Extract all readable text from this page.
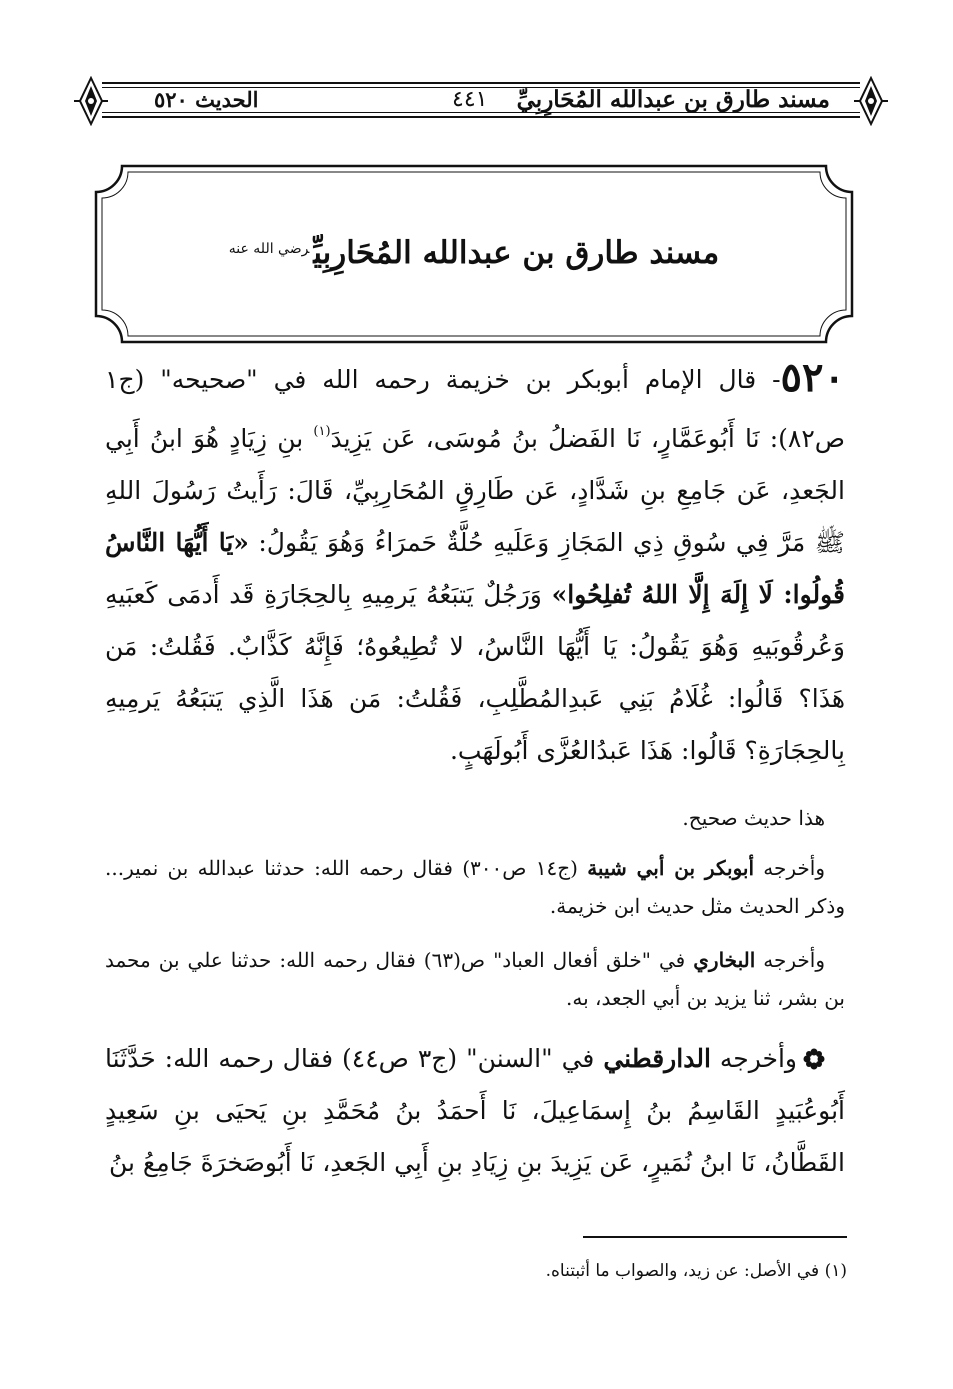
مسند طارق بن عبدالله المُحَارِبِيِّ
٤٤١
الحديث ٥٢٠
مسند طارق بن عبدالله المُحَارِبِيِّ$^{رضي الله عنه}$

٥٢٠- قال الإمام أبوبكر بن خزيمة رحمه الله في "صحيحه" (ج١ ص٨٢): نَا أَبُوعَمَّارٍ، نَا الفَضلُ بنُ مُوسَى، عَن يَزِيدَ$^{(١)}$ بنِ زِيَادٍ هُوَ ابنُ أَبِي الجَعدِ، عَن جَامِعِ بنِ شَدَّادٍ، عَن طَارِقٍ المُحَارِبِيِّ، قَالَ: رَأَيتُ رَسُولَ اللهِ ﷺ مَرَّ فِي سُوقِ ذِي المَجَازِ وَعَلَيهِ حُلَّةٌ حَمرَاءُ وَهُوَ يَقُولُ: «يَا أَيُّهَا النَّاسُ قُولُوا: لَا إِلَهَ إِلَّا اللهُ تُفلِحُوا» وَرَجُلٌ يَتبَعُهُ يَرمِيهِ بِالحِجَارَةِ قَد أَدمَى كَعبَيهِ وَعُرقُوبَيهِ وَهُوَ يَقُولُ: يَا أَيُّهَا النَّاسُ، لا تُطِيعُوهُ؛ فَإِنَّهُ كَذَّابٌ. فَقُلتُ: مَن هَذَا؟ قَالُوا: غُلَامُ بَنِي عَبدِالمُطَّلِبِ، فَقُلتُ: مَن هَذَا الَّذِي يَتبَعُهُ يَرمِيهِ بِالحِجَارَةِ؟ قَالُوا: هَذَا عَبدُالعُزَّى أَبُولَهَبٍ.

هذا حديث صحيح.

وأخرجه أبوبكر بن أبي شيبة (ج١٤ ص٣٠٠) فقال رحمه الله: حدثنا عبدالله بن نمير... وذكر الحديث مثل حديث ابن خزيمة.

وأخرجه البخاري في "خلق أفعال العباد" ص(٦٣) فقال رحمه الله: حدثنا علي بن محمد بن بشر، ثنا يزيد بن أبي الجعد، به.

وأخرجه الدارقطني في "السنن" (ج٣ ص٤٤) فقال رحمه الله: حَدَّثَنَا أَبُوعُبَيدٍ القَاسِمُ بنُ إِسمَاعِيلَ، نَا أَحمَدُ بنُ مُحَمَّدِ بنِ يَحيَى بنِ سَعِيدٍ القَطَّانُ، نَا ابنُ نُمَيرٍ، عَن يَزِيدَ بنِ زِيَادِ بنِ أَبِي الجَعدِ، نَا أَبُوصَخرَةَ جَامِعُ بنُ

(١) في الأصل: عن زيد، والصواب ما أثبتناه.
